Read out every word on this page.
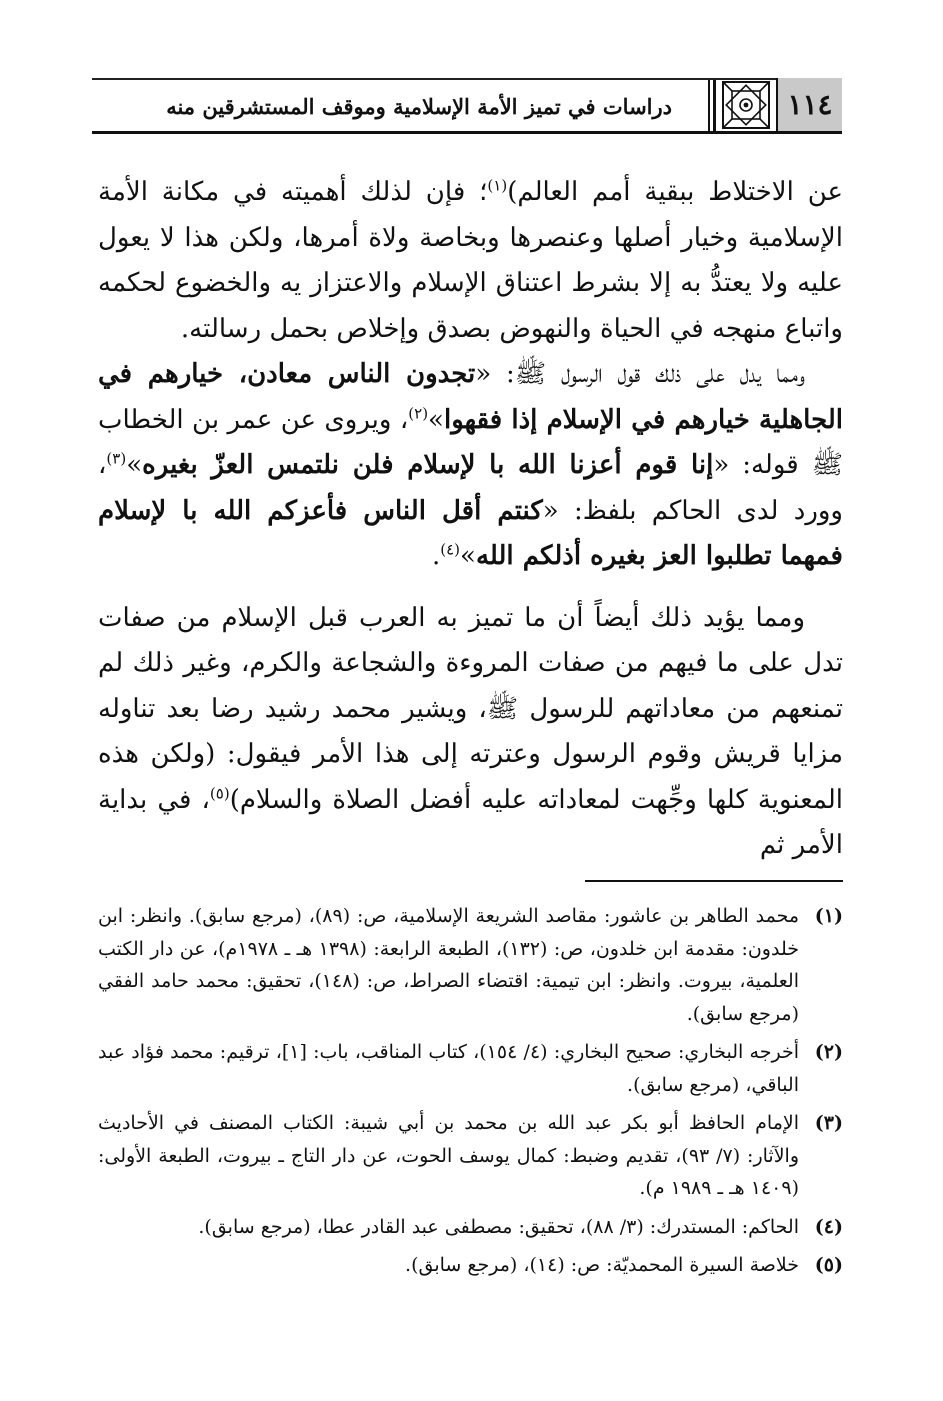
دراسات في تميز الأمة الإسلامية وموقف المستشرقين منه	١١٤

عن الاختلاط ببقية أمم العالم)$^{(١)}$؛ فإن لذلك أهميته في مكانة الأمة الإسلامية وخيار أصلها وعنصرها وبخاصة ولاة أمرها، ولكن هذا لا يعول عليه ولا يعتدُّ به إلا بشرط اعتناق الإسلام والاعتزاز يه والخضوع لحكمه واتباع منهجه في الحياة والنهوض بصدق وإخلاص بحمل رسالته.

ومما يدل على ذلك قول الرسول ﷺ: «تجدون الناس معادن، خيارهم في الجاهلية خيارهم في الإسلام إذا فقهوا»$^{(٢)}$، ويروى عن عمر بن الخطاب ﷺ قوله: «إنا قوم أعزنا الله با لإسلام فلن نلتمس العزّ بغيره»$^{(٣)}$، وورد لدى الحاكم بلفظ: «كنتم أقل الناس فأعزكم الله با لإسلام فمهما تطلبوا العز بغيره أذلكم الله»$^{(٤)}$.

ومما يؤيد ذلك أيضاً أن ما تميز به العرب قبل الإسلام من صفات تدل على ما فيهم من صفات المروءة والشجاعة والكرم، وغير ذلك لم تمنعهم من معاداتهم للرسول ﷺ، ويشير محمد رشيد رضا بعد تناوله مزايا قريش وقوم الرسول وعترته إلى هذا الأمر فيقول: (ولكن هذه المعنوية كلها وجِّهت لمعاداته عليه أفضل الصلاة والسلام)$^{(٥)}$، في بداية الأمر ثم

(١)
محمد الطاهر بن عاشور: مقاصد الشريعة الإسلامية، ص: (٨٩)، (مرجع سابق). وانظر: ابن خلدون: مقدمة ابن خلدون، ص: (١٣٢)، الطبعة الرابعة: (١٣٩٨ هـ ـ ١٩٧٨م)، عن دار الكتب العلمية، بيروت. وانظر: ابن تيمية: اقتضاء الصراط، ص: (١٤٨)، تحقيق: محمد حامد الفقي (مرجع سابق).
(٢)
أخرجه البخاري: صحيح البخاري: (٤/ ١٥٤)، كتاب المناقب، باب: [١]، ترقيم: محمد فؤاد عبد الباقي، (مرجع سابق).
(٣)
الإمام الحافظ أبو بكر عبد الله بن محمد بن أبي شيبة: الكتاب المصنف في الأحاديث والآثار: (٧/ ٩٣)، تقديم وضبط: كمال يوسف الحوت، عن دار التاج ـ بيروت، الطبعة الأولى: (١٤٠٩ هـ ـ ١٩٨٩ م).
(٤)
الحاكم: المستدرك: (٣/ ٨٨)، تحقيق: مصطفى عبد القادر عطا، (مرجع سابق).
(٥)
خلاصة السيرة المحمديّة: ص: (١٤)، (مرجع سابق).
